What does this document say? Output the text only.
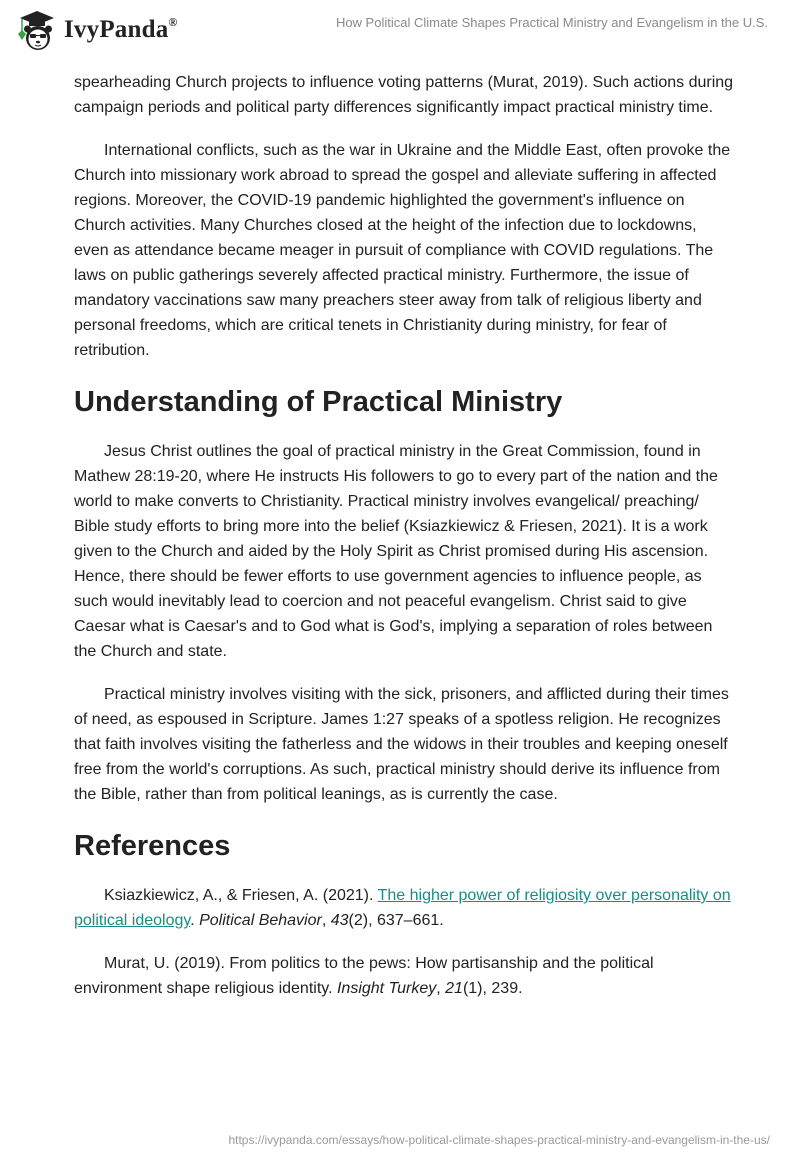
IvyPanda®	How Political Climate Shapes Practical Ministry and Evangelism in the U.S.

spearheading Church projects to influence voting patterns (Murat, 2019). Such actions during campaign periods and political party differences significantly impact practical ministry time.

International conflicts, such as the war in Ukraine and the Middle East, often provoke the Church into missionary work abroad to spread the gospel and alleviate suffering in affected regions. Moreover, the COVID-19 pandemic highlighted the government's influence on Church activities. Many Churches closed at the height of the infection due to lockdowns, even as attendance became meager in pursuit of compliance with COVID regulations. The laws on public gatherings severely affected practical ministry. Furthermore, the issue of mandatory vaccinations saw many preachers steer away from talk of religious liberty and personal freedoms, which are critical tenets in Christianity during ministry, for fear of retribution.

Understanding of Practical Ministry

Jesus Christ outlines the goal of practical ministry in the Great Commission, found in Mathew 28:19-20, where He instructs His followers to go to every part of the nation and the world to make converts to Christianity. Practical ministry involves evangelical/ preaching/ Bible study efforts to bring more into the belief (Ksiazkiewicz & Friesen, 2021). It is a work given to the Church and aided by the Holy Spirit as Christ promised during His ascension. Hence, there should be fewer efforts to use government agencies to influence people, as such would inevitably lead to coercion and not peaceful evangelism. Christ said to give Caesar what is Caesar's and to God what is God's, implying a separation of roles between the Church and state.

Practical ministry involves visiting with the sick, prisoners, and afflicted during their times of need, as espoused in Scripture. James 1:27 speaks of a spotless religion. He recognizes that faith involves visiting the fatherless and the widows in their troubles and keeping oneself free from the world's corruptions. As such, practical ministry should derive its influence from the Bible, rather than from political leanings, as is currently the case.

References

Ksiazkiewicz, A., & Friesen, A. (2021). The higher power of religiosity over personality on political ideology. Political Behavior, 43(2), 637–661.

Murat, U. (2019). From politics to the pews: How partisanship and the political environment shape religious identity. Insight Turkey, 21(1), 239.

https://ivypanda.com/essays/how-political-climate-shapes-practical-ministry-and-evangelism-in-the-us/
